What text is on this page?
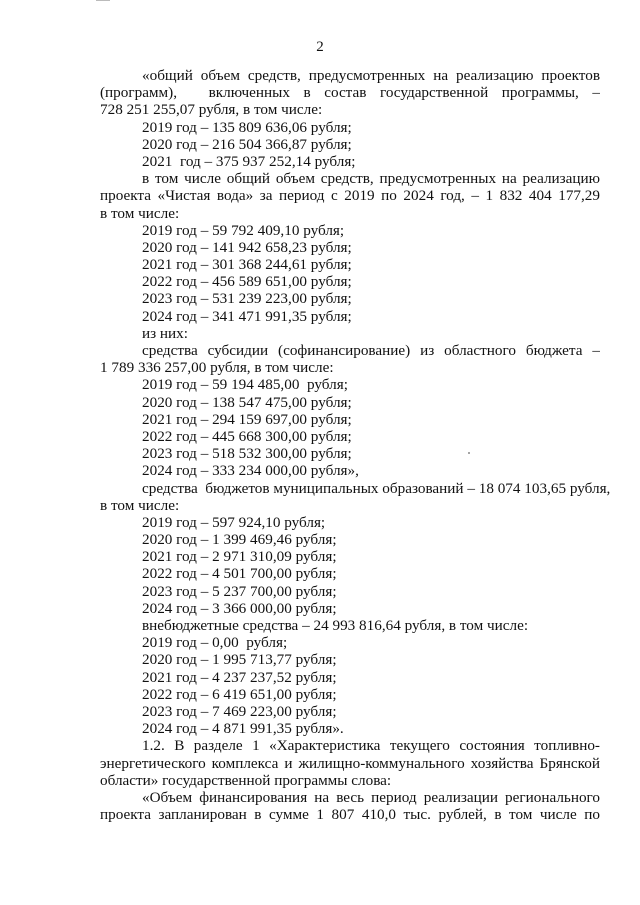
2
«общий объем средств, предусмотренных на реализацию проектов
(программ),       включенных   в   состав   государственной   программы,   –
728 251 255,07 рубля, в том числе:
2019 год – 135 809 636,06 рубля;
2020 год – 216 504 366,87 рубля;
2021  год – 375 937 252,14 рубля;
в том числе общий объем средств, предусмотренных на реализацию
проекта «Чистая вода» за период с 2019 по 2024 год, – 1 832 404 177,29
в том числе:
2019 год – 59 792 409,10 рубля;
2020 год – 141 942 658,23 рубля;
2021 год – 301 368 244,61 рубля;
2022 год – 456 589 651,00 рубля;
2023 год – 531 239 223,00 рубля;
2024 год – 341 471 991,35 рубля;
из них:
средства субсидии (софинансирование) из областного бюджета –
1 789 336 257,00 рубля, в том числе:
2019 год – 59 194 485,00  рубля;
2020 год – 138 547 475,00 рубля;
2021 год – 294 159 697,00 рубля;
2022 год – 445 668 300,00 рубля;
2023 год – 518 532 300,00 рубля;
2024 год – 333 234 000,00 рубля»,
средства  бюджетов муниципальных образований – 18 074 103,65 рубля,
в том числе:
2019 год – 597 924,10 рубля;
2020 год – 1 399 469,46 рубля;
2021 год – 2 971 310,09 рубля;
2022 год – 4 501 700,00 рубля;
2023 год – 5 237 700,00 рубля;
2024 год – 3 366 000,00 рубля;
внебюджетные средства – 24 993 816,64 рубля, в том числе:
2019 год – 0,00  рубля;
2020 год – 1 995 713,77 рубля;
2021 год – 4 237 237,52 рубля;
2022 год – 6 419 651,00 рубля;
2023 год – 7 469 223,00 рубля;
2024 год – 4 871 991,35 рубля».
1.2. В разделе 1 «Характеристика текущего состояния топливно-
энергетического комплекса и жилищно-коммунального хозяйства Брянской
области» государственной программы слова:
«Объем финансирования на весь период реализации регионального
проекта запланирован в сумме 1 807 410,0 тыс. рублей, в том числе по
